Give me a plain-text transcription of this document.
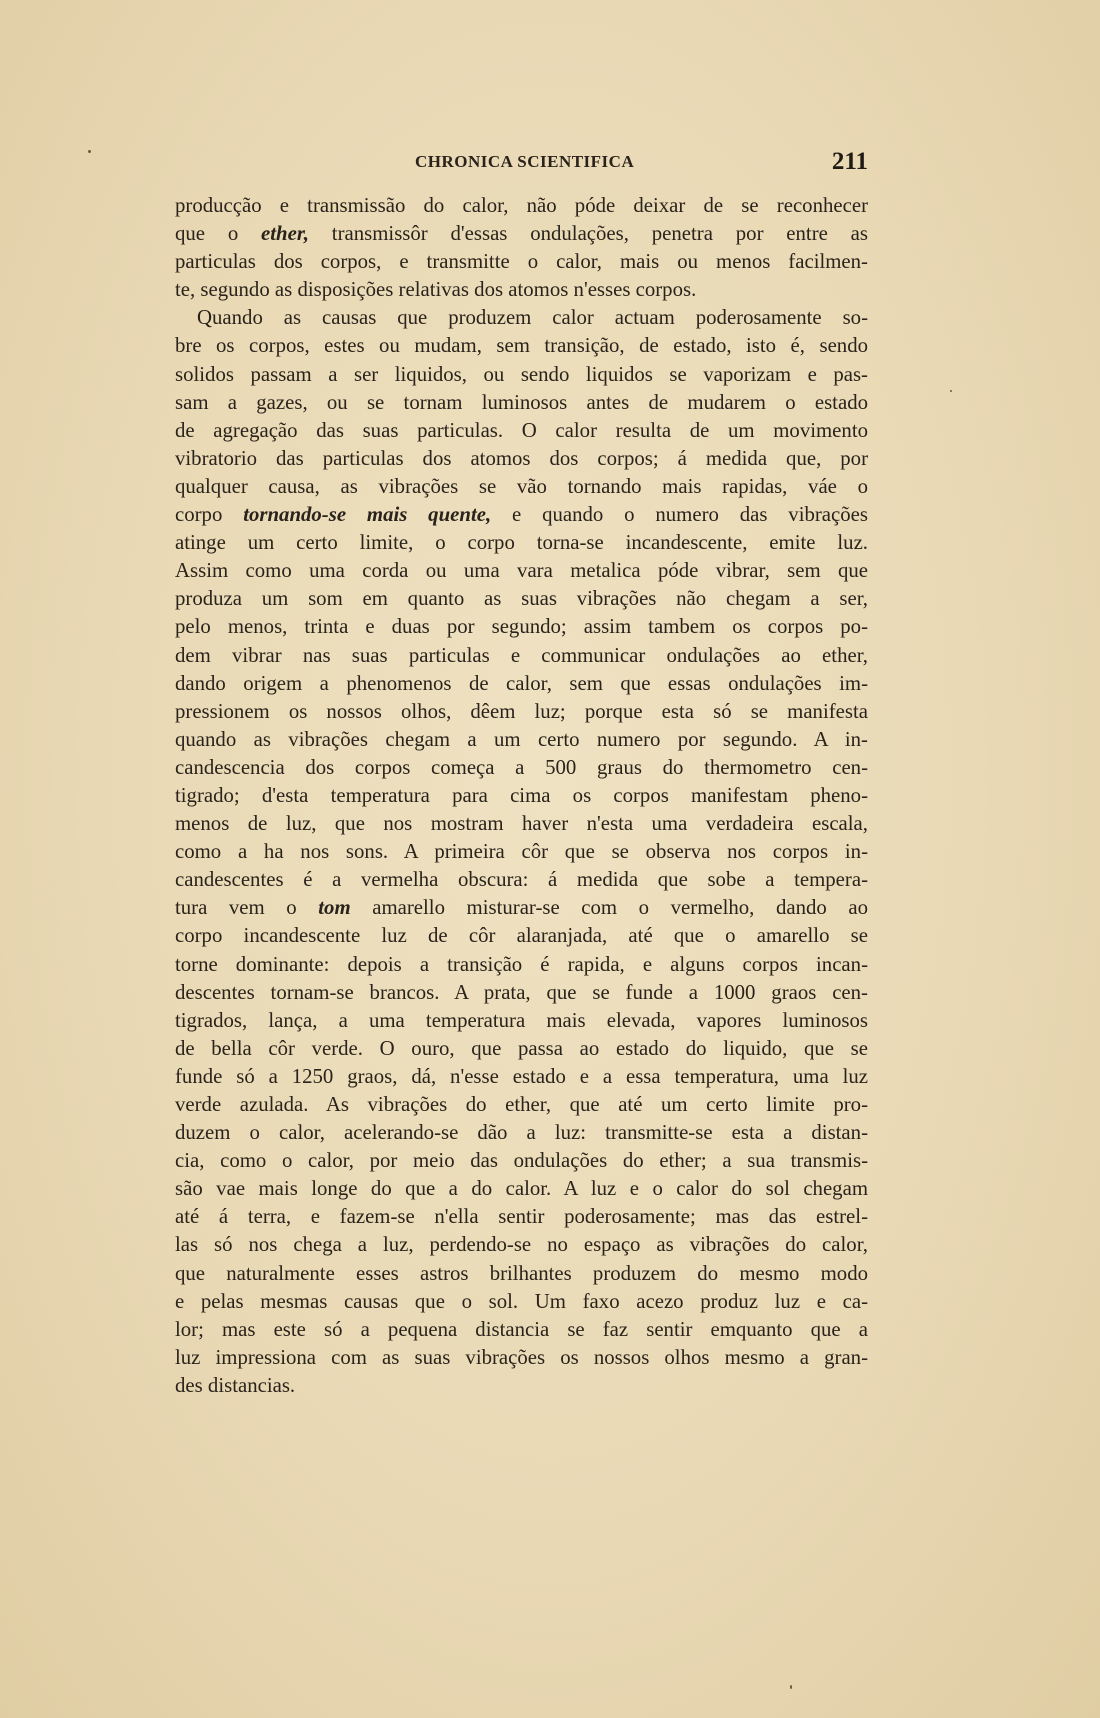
CHRONICA SCIENTIFICA	211
producção e transmissão do calor, não póde deixar de se reconhecer
que o ether, transmissôr d'essas ondulações, penetra por entre as
particulas dos corpos, e transmitte o calor, mais ou menos facilmen-
te, segundo as disposições relativas dos atomos n'esses corpos.
Quando as causas que produzem calor actuam poderosamente so-
bre os corpos, estes ou mudam, sem transição, de estado, isto é, sendo
solidos passam a ser liquidos, ou sendo liquidos se vaporizam e pas-
sam a gazes, ou se tornam luminosos antes de mudarem o estado
de agregação das suas particulas. O calor resulta de um movimento
vibratorio das particulas dos atomos dos corpos; á medida que, por
qualquer causa, as vibrações se vão tornando mais rapidas, váe o
corpo tornando-se mais quente, e quando o numero das vibrações
atinge um certo limite, o corpo torna-se incandescente, emite luz.
Assim como uma corda ou uma vara metalica póde vibrar, sem que
produza um som em quanto as suas vibrações não chegam a ser,
pelo menos, trinta e duas por segundo; assim tambem os corpos po-
dem vibrar nas suas particulas e communicar ondulações ao ether,
dando origem a phenomenos de calor, sem que essas ondulações im-
pressionem os nossos olhos, dêem luz; porque esta só se manifesta
quando as vibrações chegam a um certo numero por segundo. A in-
candescencia dos corpos começa a 500 graus do thermometro cen-
tigrado; d'esta temperatura para cima os corpos manifestam pheno-
menos de luz, que nos mostram haver n'esta uma verdadeira escala,
como a ha nos sons. A primeira côr que se observa nos corpos in-
candescentes é a vermelha obscura: á medida que sobe a tempera-
tura vem o tom amarello misturar-se com o vermelho, dando ao
corpo incandescente luz de côr alaranjada, até que o amarello se
torne dominante: depois a transição é rapida, e alguns corpos incan-
descentes tornam-se brancos. A prata, que se funde a 1000 graos cen-
tigrados, lança, a uma temperatura mais elevada, vapores luminosos
de bella côr verde. O ouro, que passa ao estado do liquido, que se
funde só a 1250 graos, dá, n'esse estado e a essa temperatura, uma luz
verde azulada. As vibrações do ether, que até um certo limite pro-
duzem o calor, acelerando-se dão a luz: transmitte-se esta a distan-
cia, como o calor, por meio das ondulações do ether; a sua transmis-
são vae mais longe do que a do calor. A luz e o calor do sol chegam
até á terra, e fazem-se n'ella sentir poderosamente; mas das estrel-
las só nos chega a luz, perdendo-se no espaço as vibrações do calor,
que naturalmente esses astros brilhantes produzem do mesmo modo
e pelas mesmas causas que o sol. Um faxo acezo produz luz e ca-
lor; mas este só a pequena distancia se faz sentir emquanto que a
luz impressiona com as suas vibrações os nossos olhos mesmo a gran-
des distancias.
